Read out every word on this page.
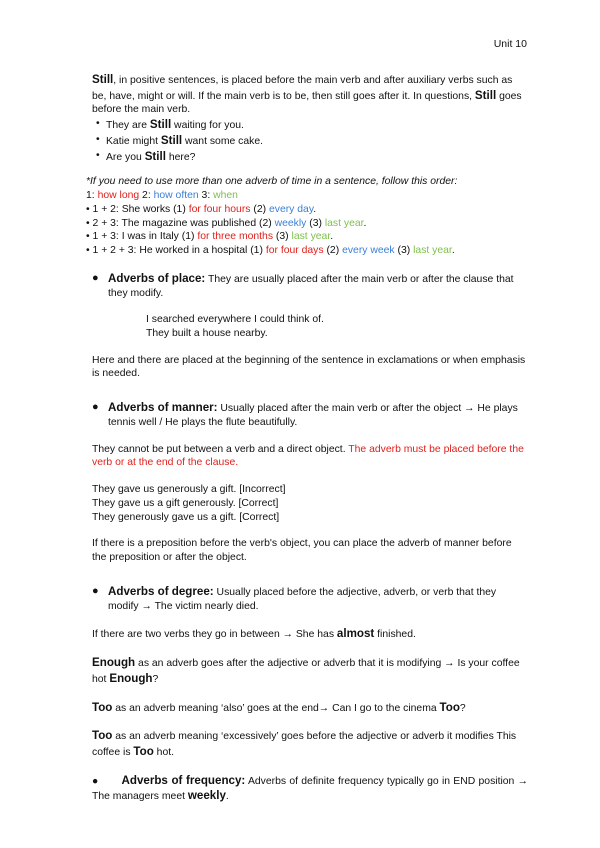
Unit 10

Still, in positive sentences, is placed before the main verb and after auxiliary verbs such as be, have, might or will. If the main verb is to be, then still goes after it. In questions, Still goes before the main verb.

• They are Still waiting for you.
• Katie might Still want some cake.
• Are you Still here?
*If you need to use more than one adverb of time in a sentence, follow this order:
1: how long 2: how often 3: when
• 1 + 2: She works (1) for four hours (2) every day.
• 2 + 3: The magazine was published (2) weekly (3) last year.
• 1 + 3: I was in Italy (1) for three months (3) last year.
• 1 + 2 + 3: He worked in a hospital (1) for four days (2) every week (3) last year.
● Adverbs of place: They are usually placed after the main verb or after the clause that they modify.
I searched everywhere I could think of.
They built a house nearby.

Here and there are placed at the beginning of the sentence in exclamations or when emphasis is needed.

● Adverbs of manner: Usually placed after the main verb or after the object → He plays tennis well / He plays the flute beautifully.

They cannot be put between a verb and a direct object. The adverb must be placed before the verb or at the end of the clause.

They gave us generously a gift. [Incorrect]
They gave us a gift generously. [Correct]
They generously gave us a gift. [Correct]

If there is a preposition before the verb's object, you can place the adverb of manner before the preposition or after the object.

● Adverbs of degree: Usually placed before the adjective, adverb, or verb that they modify → The victim nearly died.

If there are two verbs they go in between → She has almost finished.

Enough as an adverb goes after the adjective or adverb that it is modifying → Is your coffee hot Enough?

Too as an adverb meaning ‘also’ goes at the end→ Can I go to the cinema Too?

Too as an adverb meaning ‘excessively’ goes before the adjective or adverb it modifies This coffee is Too hot.

● Adverbs of frequency: Adverbs of definite frequency typically go in END position → The managers meet weekly.
